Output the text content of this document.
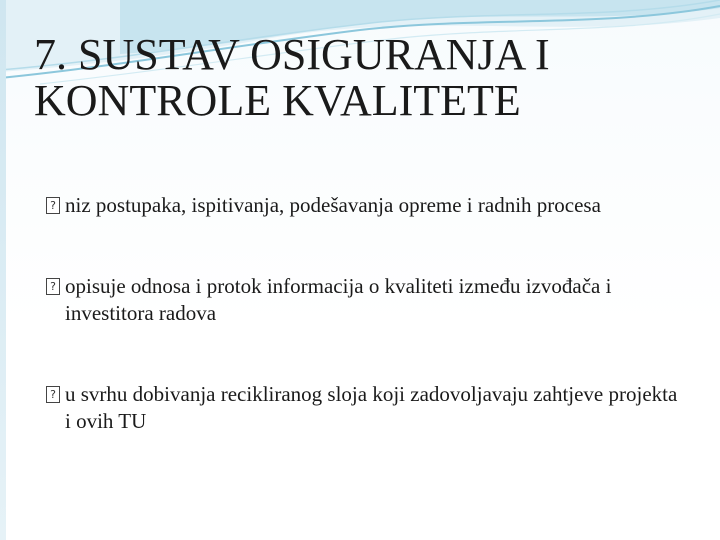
7. SUSTAV OSIGURANJA I
KONTROLE KVALITETE
? niz postupaka, ispitivanja, podešavanja opreme i radnih procesa
? opisuje odnosa i protok informacija o kvaliteti između izvođača i investitora radova
? u svrhu dobivanja recikliranog sloja koji zadovoljavaju zahtjeve projekta i ovih TU
